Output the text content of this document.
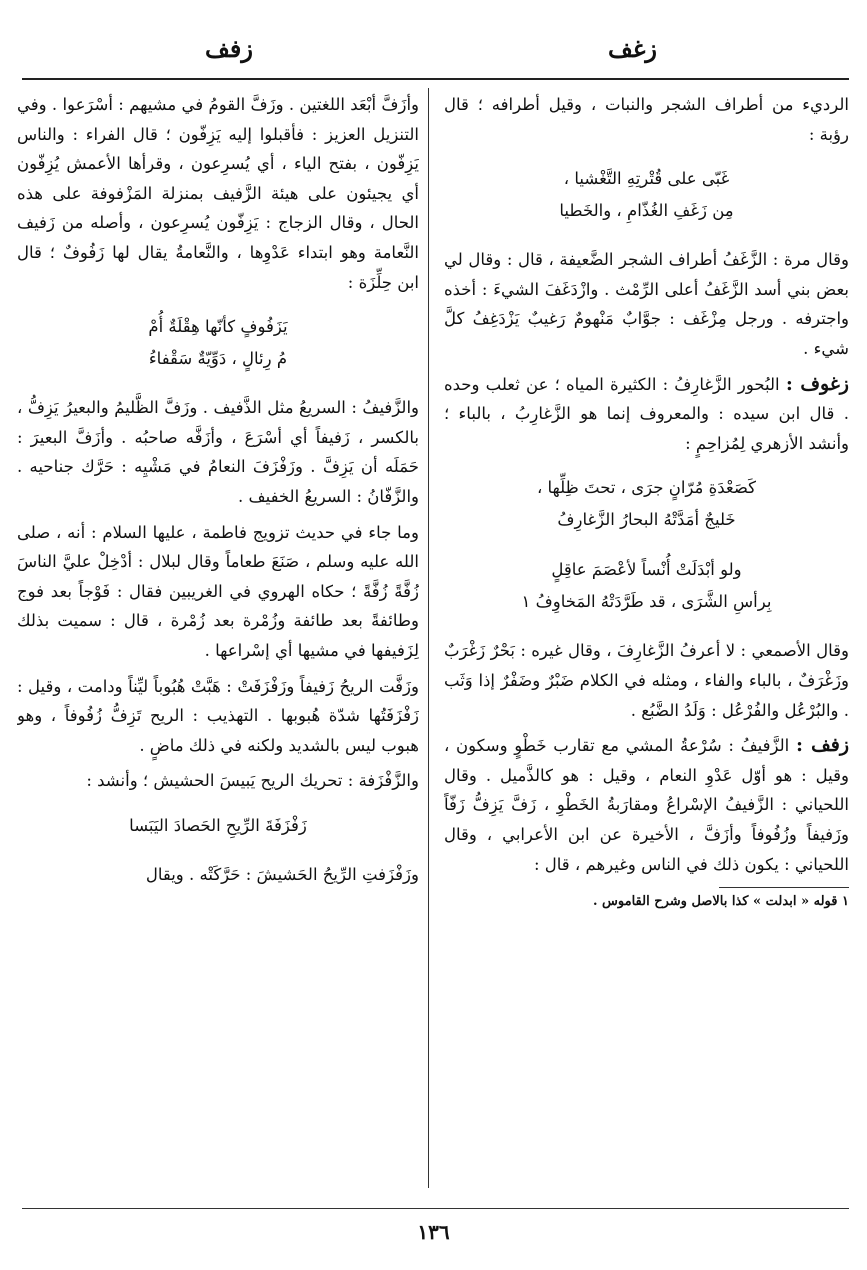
زغف
زفف

الرديء من أطراف الشجر والنبات ، وقيل أطرافه ؛ قال رؤبة :

غَبّى على قُتْرتِهِ التَّغْشيا ،
مِن زَغَفِ الغُذّامِ ، والخَطيا

وقال مرة : الزَّغَفُ أطراف الشجر الضَّعيفة ، قال : وقال لي بعض بني أسد الزَّغَفُ أعلى الرِّمْث . وازْدَغَفَ الشيءَ : أخذه واجترفه . ورجل مِزْغَف : جوَّابٌ مَنْهومٌ رَغيبٌ يَزْدَغِفُ كلَّ شيء .

زغوف : البُحور الزَّغارِفُ : الكثيرة المياه ؛ عن ثعلب وحده . قال ابن سيده : والمعروف إنما هو الزَّغارِبُ ، بالباء ؛ وأنشد الأزهري لِمُزاحِمٍ :

كَصَعْدَةِ مُرّانٍ جرَى ، تحتَ ظِلِّها ،
خَليجٌ أمَدَّتْهُ البحارُ الزَّغارِفُ
ولو أبْدَلَتْ أُنْساً لأعْصَمَ عاقِلٍ
بِرأسِ الشَّرَى ، قد طَرَّدَتْهُ المَخاوِفُ ١

وقال الأصمعي : لا أعرفُ الزَّغارِفَ ، وقال غيره : بَحْرٌ زَغْرَبٌ وزَغْرَفٌ ، بالباء والفاء ، ومثله في الكلام ضَبْرٌ وضَفْرٌ إذا وَثَب . والبُرْعُل والفُرْعُل : وَلَدُ الضَّبُع .

زفف : الزَّفيفُ : سُرْعةُ المشي مع تقارب خَطْوٍ وسكون ، وقيل : هو أوّل عَدْوِ النعام ، وقيل : هو كالذَّميل . وقال اللحياني : الزَّفيفُ الإسْراعُ ومقارَبةُ الخَطْوِ ، زَفَّ يَزِفُّ زَفّاً وزَفيفاً وزُفُوفاً وأزَفَّ ، الأخيرة عن ابن الأعرابي ، وقال اللحياني : يكون ذلك في الناس وغيرهم ، قال :

١ قوله « ابدلت » كذا بالاصل وشرح القاموس .

وأزَفَّ أبْعَد اللغتين . وزَفَّ القومُ في مشيهم : أسْرَعوا . وفي التنزيل العزيز : فأقبلوا إليه يَزِفّون ؛ قال الفراء : والناس يَزِفّون ، بفتح الياء ، أي يُسرِعون ، وقرأها الأعمش يُزِفّون أي يجيئون على هيئة الزَّفيف بمنزلة المَزْفوفة على هذه الحال ، وقال الزجاج : يَزِفّون يُسرِعون ، وأصله من زَفيف النَّعامة وهو ابتداء عَدْوِها ، والنَّعامةُ يقال لها زَفُوفٌ ؛ قال ابن حِلِّزَة :

يَزَفُوفٍ كأنّها هِقْلَةٌ أُمْ
مُ رِئالٍ ، دَوِّيّةٌ سَقْفاءُ

والزَّفيفُ : السريعُ مثل الذَّفيف . وزَفَّ الظَّليمُ والبعيرُ يَزِفُّ ، بالكسر ، زَفيفاً أي أسْرَعَ ، وأزَفَّه صاحبُه . وأزَفَّ البعيرَ : حَمَلَه أن يَزِفَّ . وزَفْزَفَ النعامُ في مَشْيِه : حَرَّك جناحيه . والزَّفّانُ : السريعُ الخفيف .

وما جاء في حديث تزويج فاطمة ، عليها السلام : أنه ، صلى الله عليه وسلم ، صَنَعَ طعاماً وقال لبلال : أدْخِلْ عليَّ الناسَ زُفَّةً زُفَّةً ؛ حكاه الهروي في الغريبين فقال : فَوْجاً بعد فوج وطائفةً بعد طائفة وزُمْرة بعد زُمْرة ، قال : سميت بذلك لِزَفيفها في مشيها أي إسْراعها .

وزَفَّت الريحُ زَفيفاً وزَفْزَفَتْ : هَبَّتْ هُبُوباً ليِّناً ودامت ، وقيل : زَفْزَفَتُها شدّة هُبوبها . التهذيب : الريح تَزِفُّ زُفُوفاً ، وهو هبوب ليس بالشديد ولكنه في ذلك ماضٍ .

والزَّفْزَفة : تحريك الريح يَبيسَ الحشيش ؛ وأنشد :

زَفْزَفَةَ الرِّيحِ الحَصادَ اليَبَسا

وزَفْزَفتِ الرِّيحُ الحَشيشَ : حَرَّكَتْه . ويقال

١٣٦
